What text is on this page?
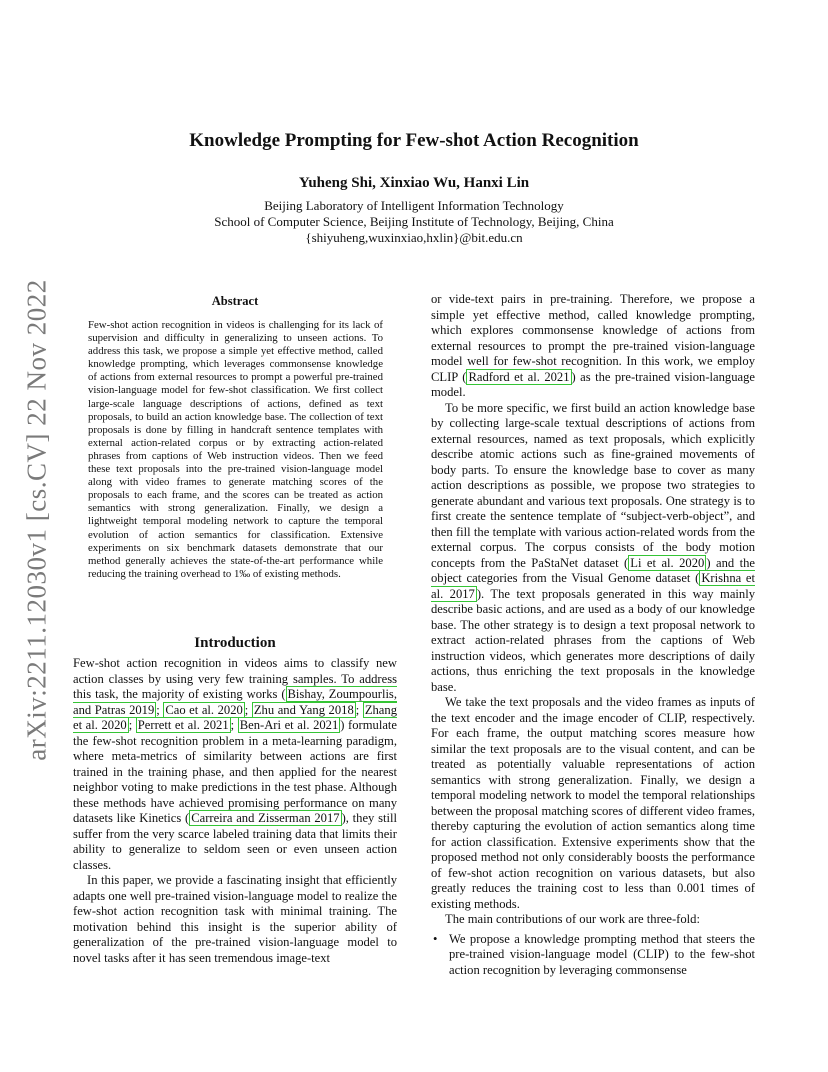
arXiv:2211.12030v1 [cs.CV] 22 Nov 2022
Knowledge Prompting for Few-shot Action Recognition
Yuheng Shi, Xinxiao Wu, Hanxi Lin
Beijing Laboratory of Intelligent Information Technology
School of Computer Science, Beijing Institute of Technology, Beijing, China
{shiyuheng,wuxinxiao,hxlin}@bit.edu.cn
Abstract
Few-shot action recognition in videos is challenging for its lack of supervision and difficulty in generalizing to unseen actions. To address this task, we propose a simple yet effective method, called knowledge prompting, which leverages commonsense knowledge of actions from external resources to prompt a powerful pre-trained vision-language model for few-shot classification. We first collect large-scale language descriptions of actions, defined as text proposals, to build an action knowledge base. The collection of text proposals is done by filling in handcraft sentence templates with external action-related corpus or by extracting action-related phrases from captions of Web instruction videos. Then we feed these text proposals into the pre-trained vision-language model along with video frames to generate matching scores of the proposals to each frame, and the scores can be treated as action semantics with strong generalization. Finally, we design a lightweight temporal modeling network to capture the temporal evolution of action semantics for classification. Extensive experiments on six benchmark datasets demonstrate that our method generally achieves the state-of-the-art performance while reducing the training overhead to 1‰ of existing methods.
Introduction

Few-shot action recognition in videos aims to classify new action classes by using very few training samples. To address this task, the majority of existing works ( Bishay, Zoumpourlis, and Patras 2019 ; Cao et al. 2020 ; Zhu and Yang 2018 ; Zhang et al. 2020 ; Perrett et al. 2021 ; Ben-Ari et al. 2021 ) formulate the few-shot recognition problem in a meta-learning paradigm, where meta-metrics of similarity between actions are first trained in the training phase, and then applied for the nearest neighbor voting to make predictions in the test phase. Although these methods have achieved promising performance on many datasets like Kinetics ( Carreira and Zisserman 2017 ), they still suffer from the very scarce labeled training data that limits their ability to generalize to seldom seen or even unseen action classes.

In this paper, we provide a fascinating insight that efficiently adapts one well pre-trained vision-language model to realize the few-shot action recognition task with minimal training. The motivation behind this insight is the superior ability of generalization of the pre-trained vision-language model to novel tasks after it has seen tremendous image-text

or vide-text pairs in pre-training. Therefore, we propose a simple yet effective method, called knowledge prompting, which explores commonsense knowledge of actions from external resources to prompt the pre-trained vision-language model well for few-shot recognition. In this work, we employ CLIP ( Radford et al. 2021 ) as the pre-trained vision-language model.

To be more specific, we first build an action knowledge base by collecting large-scale textual descriptions of actions from external resources, named as text proposals, which explicitly describe atomic actions such as fine-grained movements of body parts. To ensure the knowledge base to cover as many action descriptions as possible, we propose two strategies to generate abundant and various text proposals. One strategy is to first create the sentence template of “subject-verb-object”, and then fill the template with various action-related words from the external corpus. The corpus consists of the body motion concepts from the PaStaNet dataset ( Li et al. 2020 ) and the object categories from the Visual Genome dataset ( Krishna et al. 2017 ). The text proposals generated in this way mainly describe basic actions, and are used as a body of our knowledge base. The other strategy is to design a text proposal network to extract action-related phrases from the captions of Web instruction videos, which generates more descriptions of daily actions, thus enriching the text proposals in the knowledge base.

We take the text proposals and the video frames as inputs of the text encoder and the image encoder of CLIP, respectively. For each frame, the output matching scores measure how similar the text proposals are to the visual content, and can be treated as potentially valuable representations of action semantics with strong generalization. Finally, we design a temporal modeling network to model the temporal relationships between the proposal matching scores of different video frames, thereby capturing the evolution of action semantics along time for action classification. Extensive experiments show that the proposed method not only considerably boosts the performance of few-shot action recognition on various datasets, but also greatly reduces the training cost to less than 0.001 times of existing methods.

The main contributions of our work are three-fold:

• We propose a knowledge prompting method that steers the pre-trained vision-language model (CLIP) to the few-shot action recognition by leveraging commonsense
